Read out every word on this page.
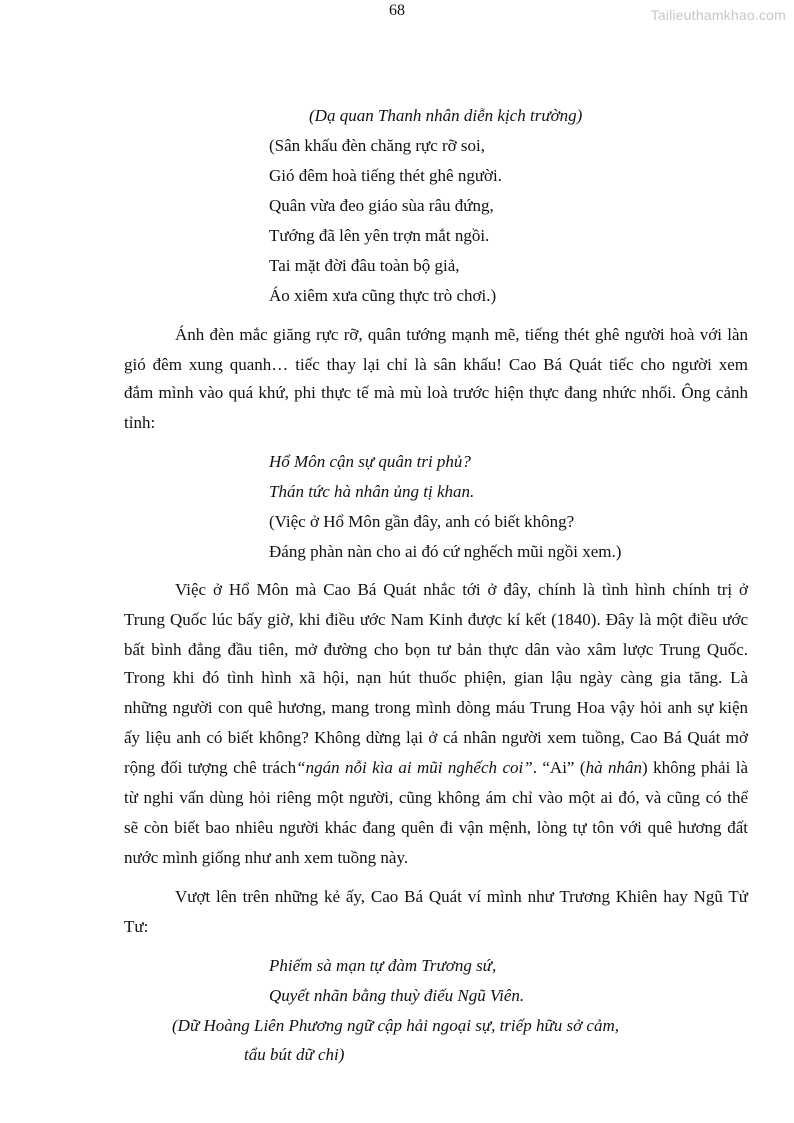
68	Tailieuthamkhao.com
(Dạ quan Thanh nhân diễn kịch trường)
(Sân khấu đèn chăng rực rỡ soi,
Gió đêm hoà tiếng thét ghê người.
Quân vừa đeo giáo sùa râu đứng,
Tướng đã lên yên trợn mắt ngồi.
Tai mặt đời đâu toàn bộ giả,
Áo xiêm xưa cũng thực trò chơi.)
Ánh đèn mắc giăng rực rỡ, quân tướng mạnh mẽ, tiếng thét ghê người hoà với làn
gió đêm xung quanh… tiếc thay lại chỉ là sân khấu! Cao Bá Quát tiếc cho người xem
đắm mình vào quá khứ, phi thực tế mà mù loà trước hiện thực đang nhức nhối. Ông cảnh
tỉnh:
Hổ Môn cận sự quân tri phủ?
Thán tức hà nhân ủng tị khan.
(Việc ở Hổ Môn gần đây, anh có biết không?
Đáng phàn nàn cho ai đó cứ nghếch mũi ngồi xem.)
Việc ở Hổ Môn mà Cao Bá Quát nhắc tới ở đây, chính là tình hình chính trị ở
Trung Quốc lúc bấy giờ, khi điều ước Nam Kinh được kí kết (1840). Đây là một điều ước
bất bình đẳng đầu tiên, mở đường cho bọn tư bản thực dân vào xâm lược Trung Quốc.
Trong khi đó tình hình xã hội, nạn hút thuốc phiện, gian lậu ngày càng gia tăng. Là
những người con quê hương, mang trong mình dòng máu Trung Hoa vậy hỏi anh sự kiện
ấy liệu anh có biết không? Không dừng lại ở cá nhân người xem tuồng, Cao Bá Quát mở
rộng đối tượng chê trách“ngán nỗi kìa ai mũi nghếch coi”. “Ai” (hà nhân) không phải là
từ nghi vấn dùng hỏi riêng một người, cũng không ám chỉ vào một ai đó, và cũng có thể
sẽ còn biết bao nhiêu người khác đang quên đi vận mệnh, lòng tự tôn với quê hương đất
nước mình giống như anh xem tuồng này.
Vượt lên trên những kẻ ấy, Cao Bá Quát ví mình như Trương Khiên hay Ngũ Tử
Tư:
Phiếm sà mạn tự đàm Trương sứ,
Quyết nhãn bằng thuỳ điếu Ngũ Viên.
(Dữ Hoàng Liên Phương ngữ cập hải ngoại sự, triếp hữu sở cảm,
tẩu bút dữ chi)
